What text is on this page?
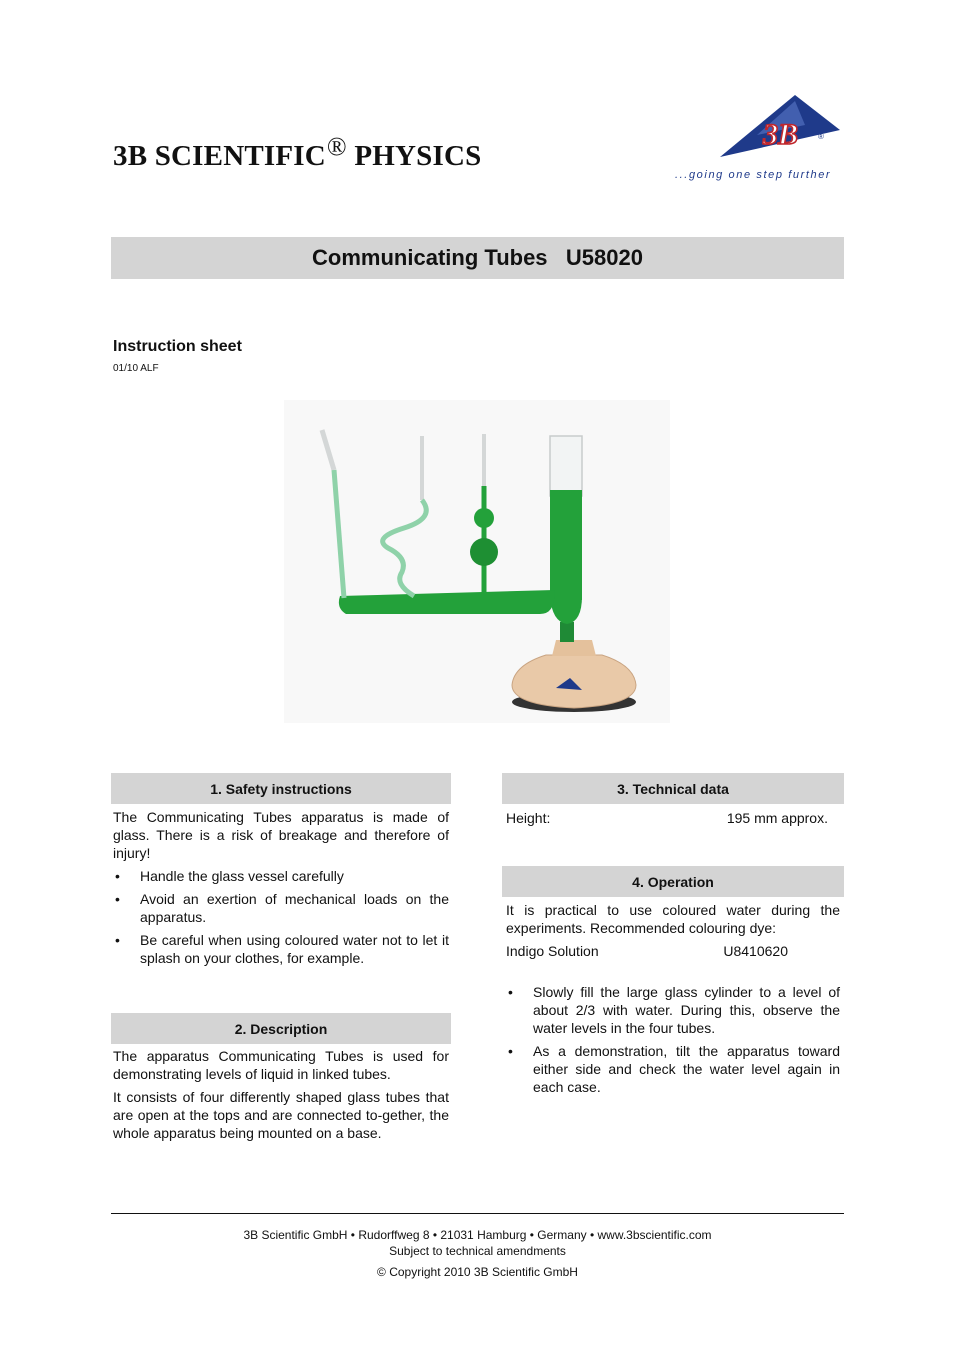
3B SCIENTIFIC® PHYSICS
3B ®
...going one step further
Communicating Tubes   U58020
Instruction sheet
01/10 ALF
1. Safety instructions

The Communicating Tubes apparatus is made of glass. There is a risk of breakage and therefore of injury!

• Handle the glass vessel carefully
• Avoid an exertion of mechanical loads on the apparatus.
• Be careful when using coloured water not to let it splash on your clothes, for example.
2. Description

The apparatus Communicating Tubes is used for demonstrating levels of liquid in linked tubes.

It consists of four differently shaped glass tubes that are open at the tops and are connected to-gether, the whole apparatus being mounted on a base.

3. Technical data
Height:	195 mm approx.
4. Operation

It is practical to use coloured water during the experiments. Recommended colouring dye:

Indigo Solution	U8410620
• Slowly fill the large glass cylinder to a level of about 2/3 with water. During this, observe the water levels in the four tubes.
• As a demonstration, tilt the apparatus toward either side and check the water level again in each case.
3B Scientific GmbH • Rudorffweg 8 • 21031 Hamburg • Germany • www.3bscientific.com
Subject to technical amendments
© Copyright 2010 3B Scientific GmbH
